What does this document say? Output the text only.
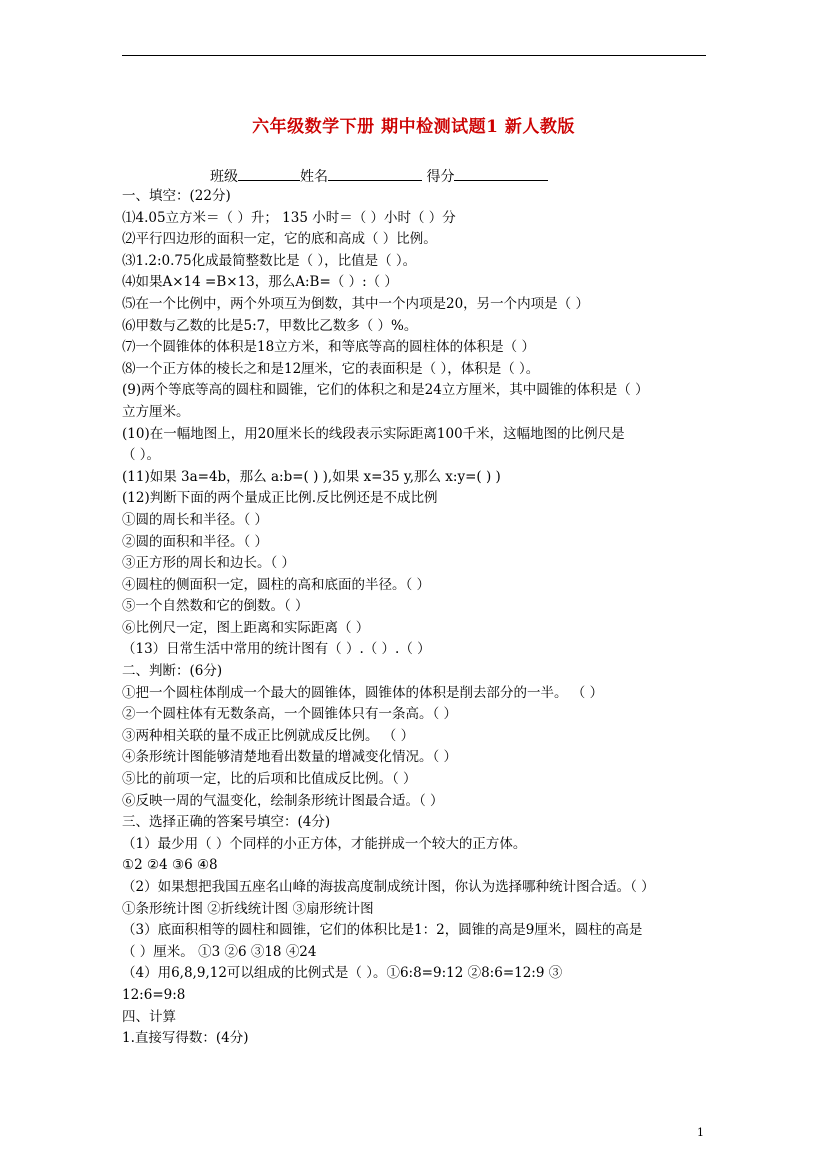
六年级数学下册 期中检测试题1 新人教版
班级	姓名	得分
一、填空：(22分)
⑴4.05立方米＝（ ）升； 135 小时＝（ ）小时（ ）分
⑵平行四边形的面积一定，它的底和高成（ ）比例。
⑶1.2:0.75化成最简整数比是（ ），比值是（ ）。
⑷如果A×14 =B×13，那么A:B=（ ）:（ ）
⑸在一个比例中，两个外项互为倒数，其中一个内项是20，另一个内项是（ ）
⑹甲数与乙数的比是5:7，甲数比乙数多（ ）%。
⑺一个圆锥体的体积是18立方米，和等底等高的圆柱体的体积是（ ）
⑻一个正方体的棱长之和是12厘米，它的表面积是（ ），体积是（ ）。
(9)两个等底等高的圆柱和圆锥，它们的体积之和是24立方厘米，其中圆锥的体积是（ ）
立方厘米。
(10)在一幅地图上，用20厘米长的线段表示实际距离100千米，这幅地图的比例尺是
（ ）。
(11)如果 3a=4b，那么 a:b=( ) ),如果 x=35 y,那么 x:y=( ) )
(12)判断下面的两个量成正比例.反比例还是不成比例
①圆的周长和半径。（ ）
②圆的面积和半径。（ ）
③正方形的周长和边长。（ ）
④圆柱的侧面积一定，圆柱的高和底面的半径。（ ）
⑤一个自然数和它的倒数。（ ）
⑥比例尺一定，图上距离和实际距离（ ）
（13）日常生活中常用的统计图有（ ）.（ ）.（ ）
二、判断：(6分)
①把一个圆柱体削成一个最大的圆锥体，圆锥体的体积是削去部分的一半。 （ ）
②一个圆柱体有无数条高，一个圆锥体只有一条高。（ ）
③两种相关联的量不成正比例就成反比例。 （ ）
④条形统计图能够清楚地看出数量的增减变化情况。（ ）
⑤比的前项一定，比的后项和比值成反比例。（ ）
⑥反映一周的气温变化，绘制条形统计图最合适。（ ）
三、选择正确的答案号填空：(4分)
（1）最少用（ ）个同样的小正方体，才能拼成一个较大的正方体。
①2 ②4 ③6 ④8
（2）如果想把我国五座名山峰的海拔高度制成统计图，你认为选择哪种统计图合适。（ ）
①条形统计图 ②折线统计图 ③扇形统计图
（3）底面积相等的圆柱和圆锥，它们的体积比是1：2，圆锥的高是9厘米，圆柱的高是
（ ）厘米。 ①3 ②6 ③18 ④24
（4）用6,8,9,12可以组成的比例式是（ ）。①6:8=9:12 ②8:6=12:9 ③
12:6=9:8
四、计算
1.直接写得数：(4分)
1
